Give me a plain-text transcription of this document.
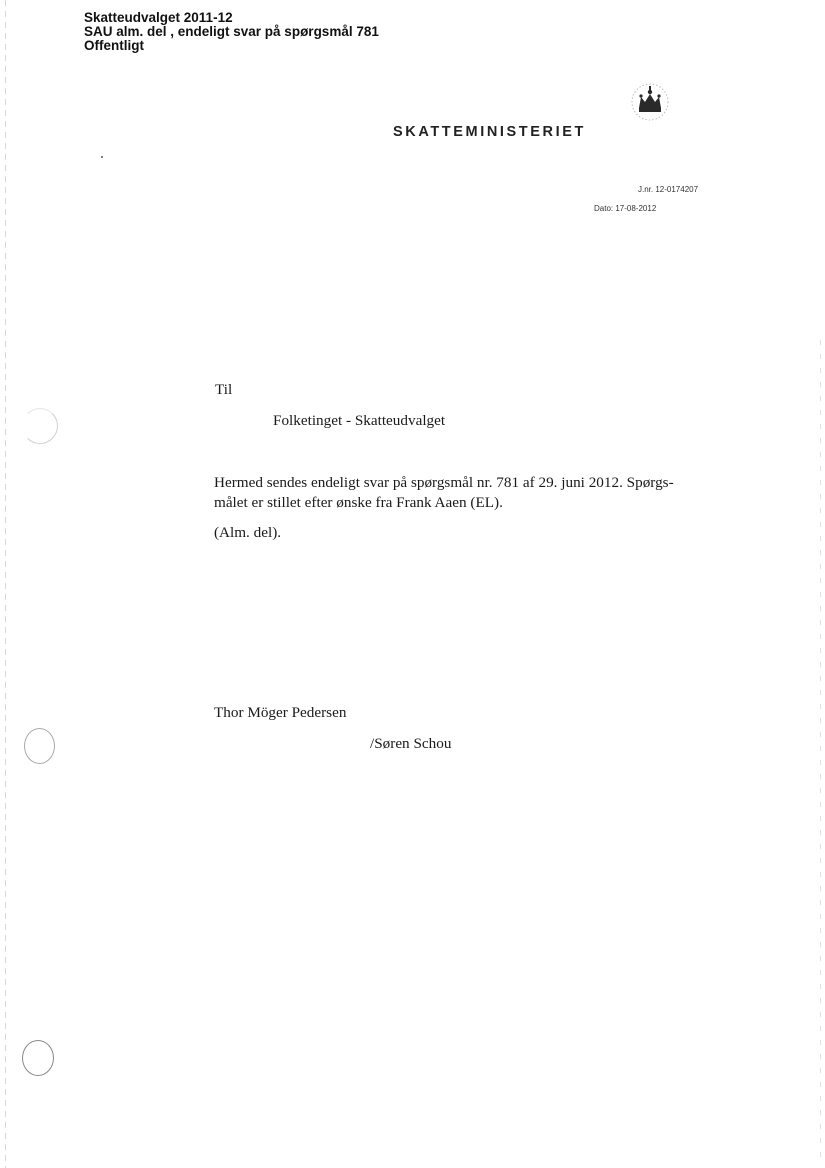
Skatteudvalget 2011-12
SAU alm. del , endeligt svar på spørgsmål 781
Offentligt
SKATTEMINISTERIET
J.nr. 12-0174207
Dato: 17-08-2012
Til
Folketinget - Skatteudvalget
Hermed sendes endeligt svar på spørgsmål nr. 781 af 29. juni 2012. Spørgs-
målet er stillet efter ønske fra Frank Aaen (EL).
(Alm. del).
Thor Möger Pedersen
/Søren Schou
